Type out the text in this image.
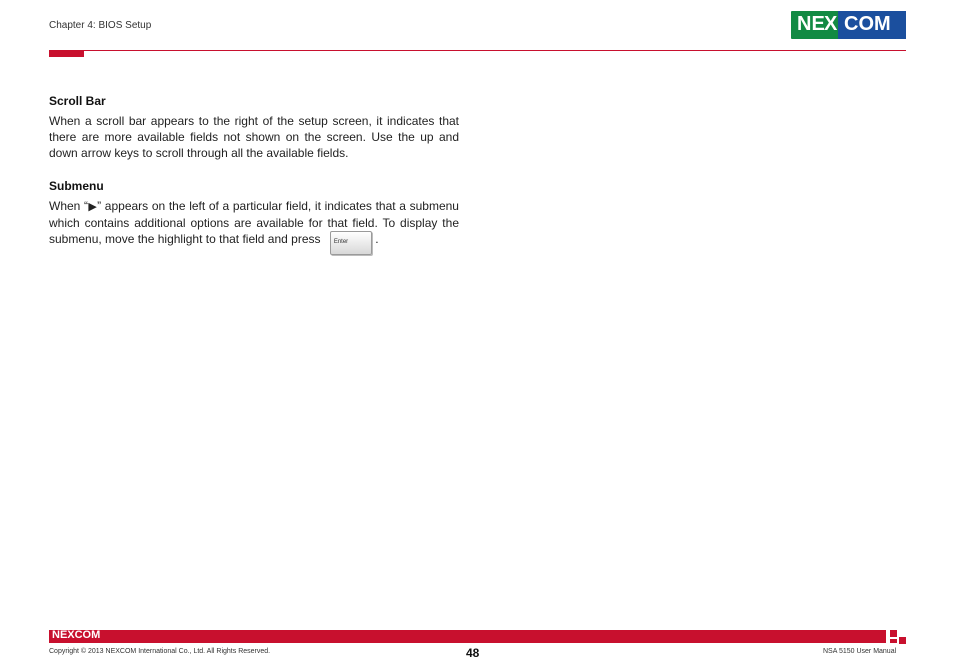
Chapter 4: BIOS Setup	NE X COM
Scroll Bar
When a scroll bar appears to the right of the setup screen, it indicates that there are more available fields not shown on the screen. Use the up and down arrow keys to scroll through all the available fields.
Submenu
When “▶” appears on the left of a particular field, it indicates that a submenu which contains additional options are available for that field. To display the submenu, move the highlight to that field and press Enter .
NEXCOM
Copyright © 2013 NEXCOM International Co., Ltd. All Rights Reserved.	48	NSA 5150 User Manual
